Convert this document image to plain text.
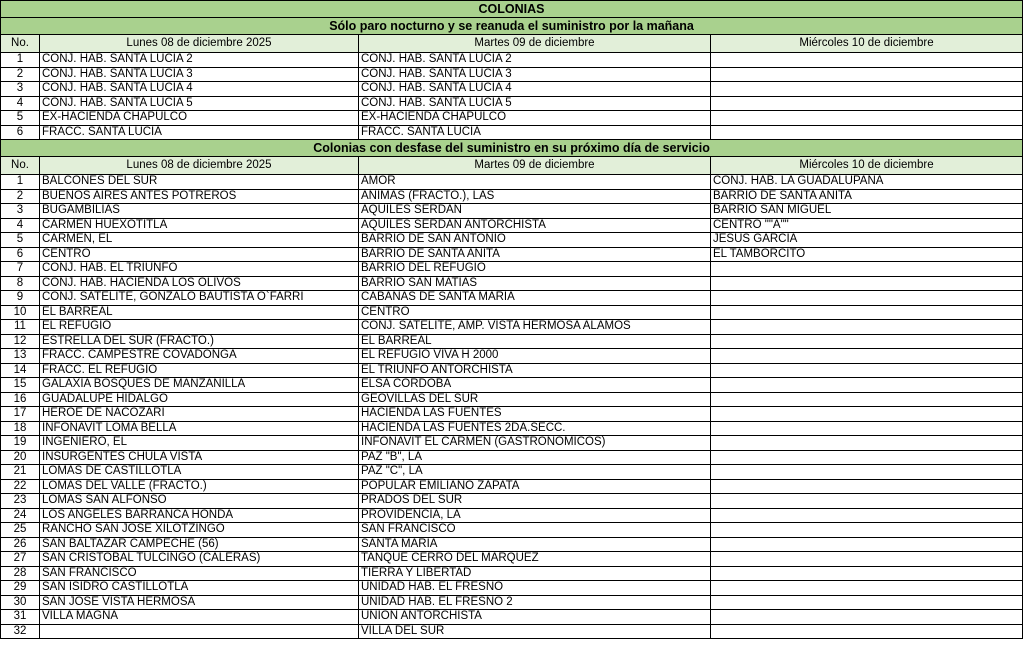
COLONIAS			
Sólo paro nocturno y se reanuda el suministro por la mañana			
No.	Lunes 08 de diciembre 2025	Martes 09 de diciembre	Miércoles 10 de diciembre
1	CONJ. HAB. SANTA LUCÍA 2	CONJ. HAB. SANTA LUCÍA 2	
2	CONJ. HAB. SANTA LUCÍA 3	CONJ. HAB. SANTA LUCÍA 3	
3	CONJ. HAB. SANTA LUCÍA 4	CONJ. HAB. SANTA LUCÍA 4	
4	CONJ. HAB. SANTA LUCÍA 5	CONJ. HAB. SANTA LUCÍA 5	
5	EX-HACIENDA CHAPULCO	EX-HACIENDA CHAPULCO	
6	FRACC. SANTA LUCÍA	FRACC. SANTA LUCÍA	
Colonias con desfase del suministro en su próximo día de servicio			
No.	Lunes 08 de diciembre 2025	Martes 09 de diciembre	Miércoles 10 de diciembre
1	BALCONES DEL SUR	AMOR	CONJ. HAB. LA GUADALUPANA
2	BUENOS AIRES ANTES POTREROS	ANIMAS (FRACTO.), LAS	BARRIO DE SANTA ANITA
3	BUGAMBILIAS	AQUILES SERDAN	BARRIO SAN MIGUEL
4	CARMEN HUEXOTITLA	AQUILES SERDAN ANTORCHISTA	CENTRO ""A""
5	CARMEN, EL	BARRIO DE SAN ANTONIO	JESÚS GARCÍA
6	CENTRO	BARRIO DE SANTA ANITA	EL TAMBORCITO
7	CONJ. HAB. EL TRIUNFO	BARRIO DEL REFUGIO	
8	CONJ. HAB. HACIENDA LOS OLIVOS	BARRIO SAN MATIAS	
9	CONJ. SATELITE, GONZALO BAUTISTA O`FARRI	CABAÑAS DE SANTA MARIA	
10	EL BARREAL	CENTRO	
11	EL REFUGIO	CONJ. SATELITE, AMP. VISTA HERMOSA ALAMOS	
12	ESTRELLA DEL SUR (FRACTO.)	EL BARREAL	
13	FRACC. CAMPESTRE COVADONGA	EL REFUGIO VIVA H 2000	
14	FRACC. EL REFUGIO	EL TRIUNFO ANTORCHISTA	
15	GALAXIA BOSQUES DE MANZANILLA	ELSA CORDOBA	
16	GUADALUPE HIDALGO	GEOVILLAS DEL SUR	
17	HEROE DE NACOZARI	HACIENDA LAS FUENTES	
18	INFONAVIT LOMA BELLA	HACIENDA LAS FUENTES 2DA.SECC.	
19	INGENIERO, EL	INFONAVIT EL CARMEN (GASTRONOMICOS)	
20	INSURGENTES CHULA VISTA	PAZ "B", LA	
21	LOMAS DE CASTILLOTLA	PAZ "C", LA	
22	LOMAS DEL VALLE (FRACTO.)	POPULAR EMILIANO ZAPATA	
23	LOMAS SAN ALFONSO	PRADOS DEL SUR	
24	LOS ANGELES BARRANCA HONDA	PROVIDENCIA, LA	
25	RANCHO SAN JOSE XILOTZINGO	SAN FRANCISCO	
26	SAN BALTAZAR CAMPECHE (56)	SANTA MARIA	
27	SAN CRISTOBAL TULCINGO (CALERAS)	TANQUE CERRO DEL MARQUEZ	
28	SAN FRANCISCO	TIERRA Y LIBERTAD	
29	SAN ISIDRO CASTILLOTLA	UNIDAD HAB. EL FRESNO	
30	SAN JOSE VISTA HERMOSA	UNIDAD HAB. EL FRESNO 2	
31	VILLA MAGNA	UNION ANTORCHISTA	
32		VILLA DEL SUR	
